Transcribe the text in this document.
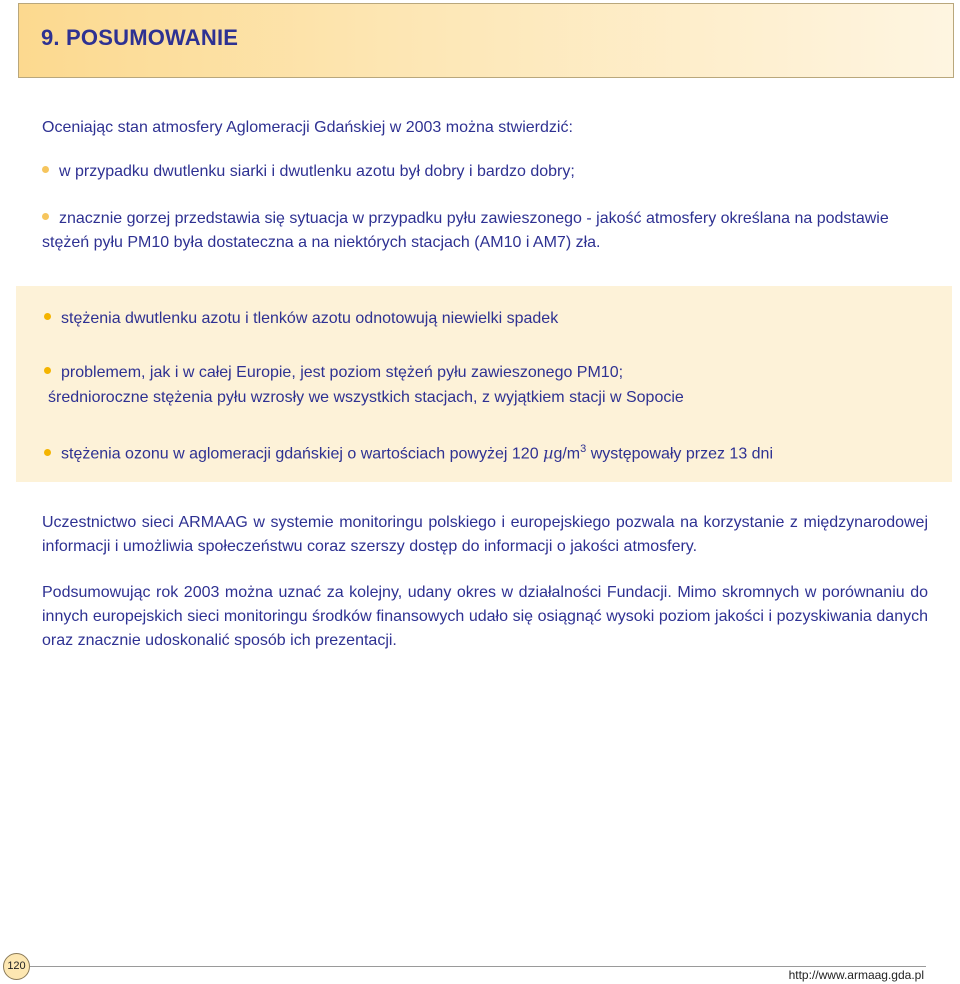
9. POSUMOWANIE
Oceniając stan atmosfery Aglomeracji Gdańskiej w 2003 można stwierdzić:
w przypadku dwutlenku siarki i dwutlenku azotu był dobry i bardzo dobry;
znacznie gorzej przedstawia się sytuacja w przypadku pyłu zawieszonego - jakość atmosfery określana na podstawie stężeń pyłu PM10 była dostateczna a na niektórych stacjach (AM10 i AM7) zła.
stężenia dwutlenku azotu i tlenków azotu odnotowują niewielki spadek
problemem, jak i w całej Europie, jest poziom stężeń pyłu zawieszonego PM10;
średnioroczne stężenia pyłu wzrosły we wszystkich stacjach, z wyjątkiem stacji w Sopocie
stężenia ozonu w aglomeracji gdańskiej o wartościach powyżej 120 $\mu g/m^3$ występowały przez 13 dni
Uczestnictwo sieci ARMAAG w systemie monitoringu polskiego i europejskiego pozwala na korzystanie z międzynarodowej informacji i umożliwia społeczeństwu coraz szerszy dostęp do informacji o jakości atmosfery.
Podsumowując rok 2003 można uznać za kolejny, udany okres w działalności Fundacji. Mimo skromnych w porównaniu do innych europejskich sieci monitoringu środków finansowych udało się osiągnąć wysoki poziom jakości i pozyskiwania danych oraz znacznie udoskonalić sposób ich prezentacji.
120
http://www.armaag.gda.pl
